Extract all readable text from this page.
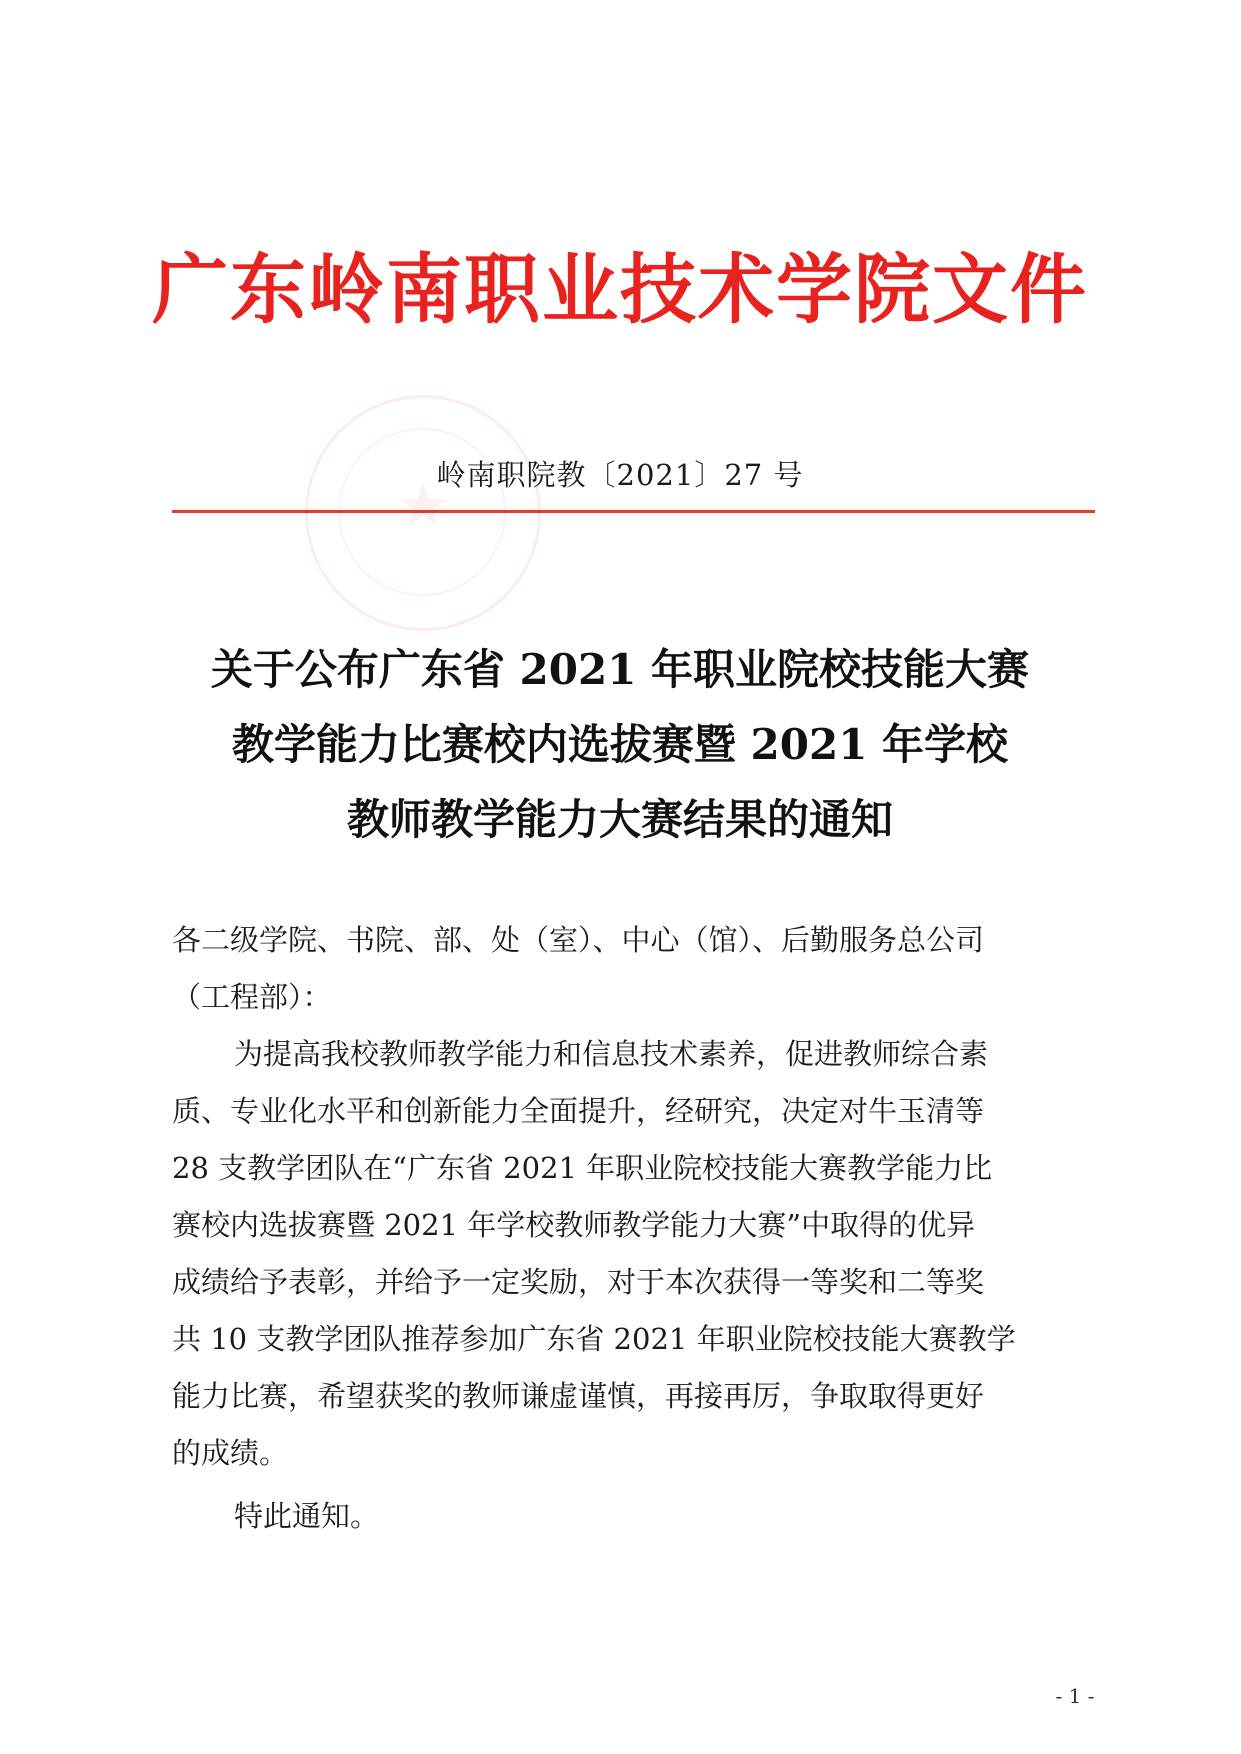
★
广东岭南职业技术学院文件
岭南职院教〔2021〕27 号
关于公布广东省 2021 年职业院校技能大赛
教学能力比赛校内选拔赛暨 2021 年学校
教师教学能力大赛结果的通知
各二级学院、书院、部、处（室）、中心（馆）、后勤服务总公司
（工程部）：
为提高我校教师教学能力和信息技术素养，促进教师综合素
质、专业化水平和创新能力全面提升，经研究，决定对牛玉清等
28 支教学团队在“广东省 2021 年职业院校技能大赛教学能力比
赛校内选拔赛暨 2021 年学校教师教学能力大赛”中取得的优异
成绩给予表彰，并给予一定奖励，对于本次获得一等奖和二等奖
共 10 支教学团队推荐参加广东省 2021 年职业院校技能大赛教学
能力比赛，希望获奖的教师谦虚谨慎，再接再厉，争取取得更好
的成绩。
特此通知。
- 1 -
